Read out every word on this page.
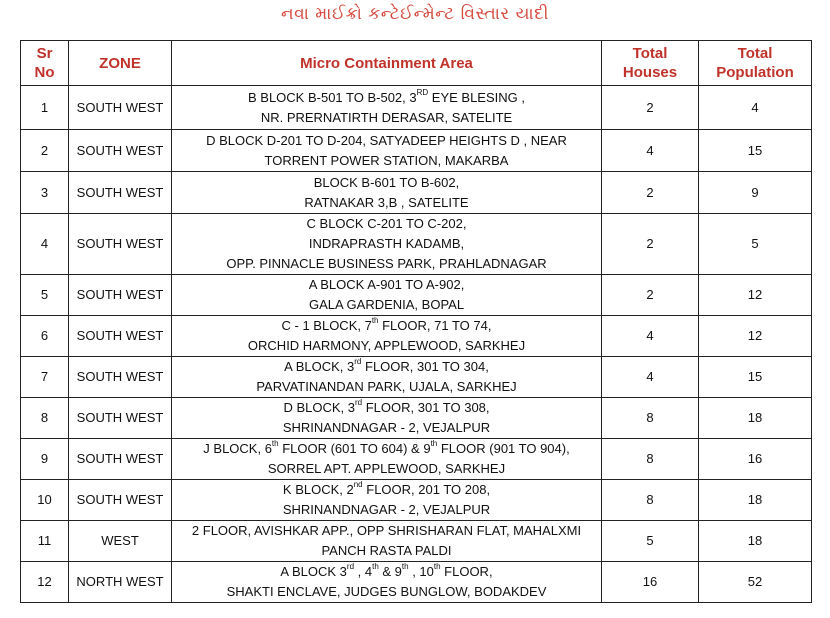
નવા માઈક્રો કન્ટેઈન્મેન્ટ વિસ્તાર યાદી
Sr No	ZONE	Micro Containment Area	Total Houses	Total Population
1	SOUTH WEST	B BLOCK B-501 TO B-502, 3RD EYE BLESING ,
NR. PRERNATIRTH DERASAR, SATELITE	2	4
2	SOUTH WEST	D BLOCK D-201 TO D-204, SATYADEEP HEIGHTS D , NEAR
TORRENT POWER STATION, MAKARBA	4	15
3	SOUTH WEST	BLOCK B-601 TO B-602,
RATNAKAR 3,B , SATELITE	2	9
4	SOUTH WEST	C BLOCK C-201 TO C-202,
INDRAPRASTH KADAMB,
OPP. PINNACLE BUSINESS PARK, PRAHLADNAGAR	2	5
5	SOUTH WEST	A BLOCK A-901 TO A-902,
GALA GARDENIA, BOPAL	2	12
6	SOUTH WEST	C - 1 BLOCK, 7th FLOOR, 71 TO 74,
ORCHID HARMONY, APPLEWOOD, SARKHEJ	4	12
7	SOUTH WEST	A BLOCK, 3rd FLOOR, 301 TO 304,
PARVATINANDAN PARK, UJALA, SARKHEJ	4	15
8	SOUTH WEST	D BLOCK, 3rd FLOOR, 301 TO 308,
SHRINANDNAGAR - 2, VEJALPUR	8	18
9	SOUTH WEST	J BLOCK, 6th FLOOR (601 TO 604) & 9th FLOOR (901 TO 904),
SORREL APT. APPLEWOOD, SARKHEJ	8	16
10	SOUTH WEST	K BLOCK, 2nd FLOOR, 201 TO 208,
SHRINANDNAGAR - 2, VEJALPUR	8	18
11	WEST	2 FLOOR, AVISHKAR APP., OPP SHRISHARAN FLAT, MAHALXMI
PANCH RASTA PALDI	5	18
12	NORTH WEST	A BLOCK 3rd , 4th & 9th , 10th FLOOR,
SHAKTI ENCLAVE, JUDGES BUNGLOW, BODAKDEV	16	52
